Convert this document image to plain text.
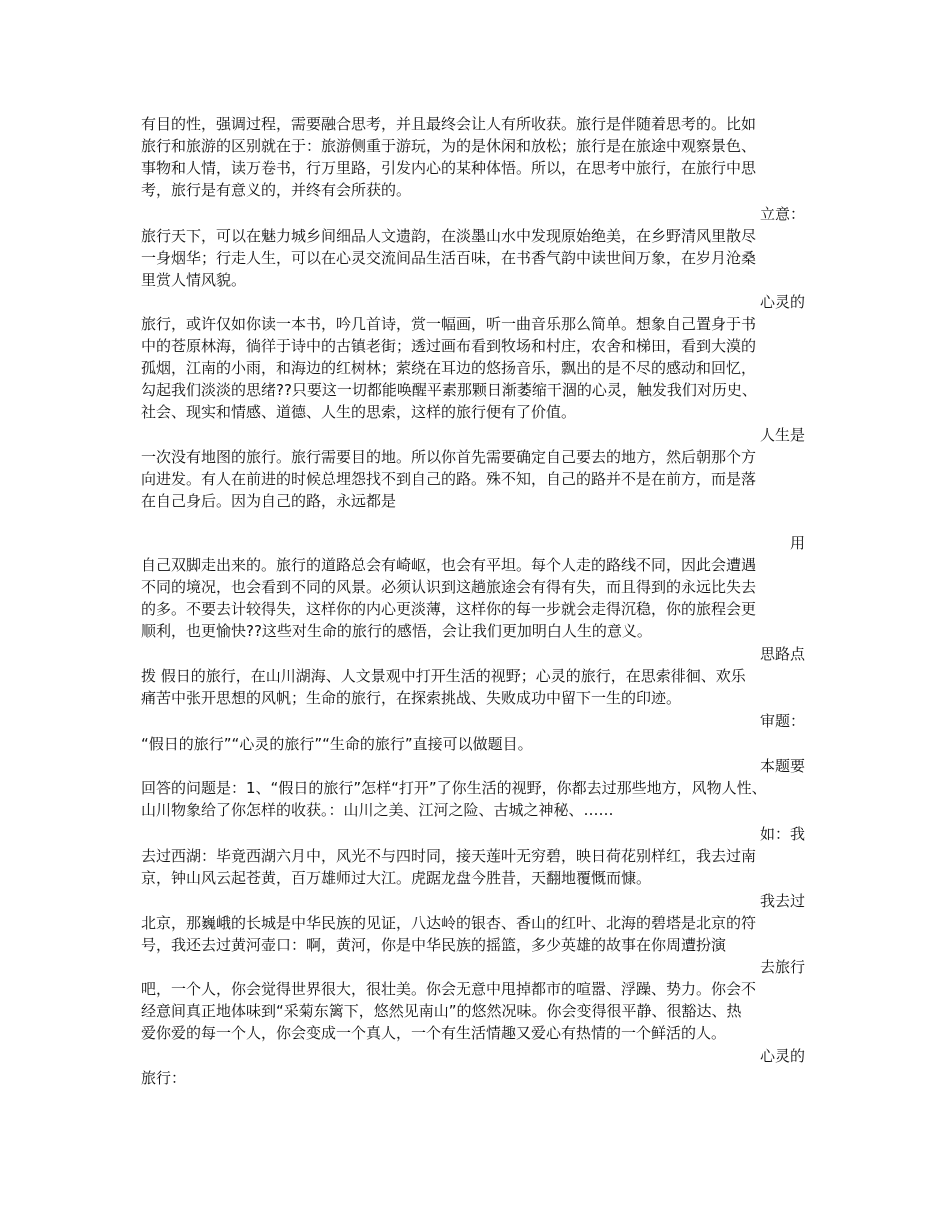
有目的性，强调过程，需要融合思考，并且最终会让人有所收获。旅行是伴随着思考的。比如
旅行和旅游的区别就在于：旅游侧重于游玩，为的是休闲和放松；旅行是在旅途中观察景色、
事物和人情，读万卷书，行万里路，引发内心的某种体悟。所以，在思考中旅行，在旅行中思
考，旅行是有意义的，并终有会所获的。
立意：
旅行天下，可以在魅力城乡间细品人文遗韵，在淡墨山水中发现原始绝美，在乡野清风里散尽
一身烟华；行走人生，可以在心灵交流间品生活百味，在书香气韵中读世间万象，在岁月沧桑
里赏人情风貌。
心灵的
旅行，或许仅如你读一本书，吟几首诗，赏一幅画，听一曲音乐那么简单。想象自己置身于书
中的苍原林海，徜徉于诗中的古镇老街；透过画布看到牧场和村庄，农舍和梯田，看到大漠的
孤烟，江南的小雨，和海边的红树林；萦绕在耳边的悠扬音乐，飘出的是不尽的感动和回忆，
勾起我们淡淡的思绪??只要这一切都能唤醒平素那颗日渐萎缩干涸的心灵，触发我们对历史、
社会、现实和情感、道德、人生的思索，这样的旅行便有了价值。
人生是
一次没有地图的旅行。旅行需要目的地。所以你首先需要确定自己要去的地方，然后朝那个方
向进发。有人在前进的时候总埋怨找不到自己的路。殊不知，自己的路并不是在前方，而是落
在自己身后。因为自己的路，永远都是
用
自己双脚走出来的。旅行的道路总会有崎岖，也会有平坦。每个人走的路线不同，因此会遭遇
不同的境况，也会看到不同的风景。必须认识到这趟旅途会有得有失，而且得到的永远比失去
的多。不要去计较得失，这样你的内心更淡薄，这样你的每一步就会走得沉稳，你的旅程会更
顺利，也更愉快??这些对生命的旅行的感悟，会让我们更加明白人生的意义。
思路点
拨 假日的旅行，在山川湖海、人文景观中打开生活的视野；心灵的旅行，在思索徘徊、欢乐
痛苦中张开思想的风帆；生命的旅行，在探索挑战、失败成功中留下一生的印迹。
审题：
“假日的旅行”“心灵的旅行”“生命的旅行”直接可以做题目。
本题要
回答的问题是：1、“假日的旅行”怎样“打开”了你生活的视野，你都去过那些地方，风物人性、
山川物象给了你怎样的收获。：山川之美、江河之险、古城之神秘、……
如：我
去过西湖：毕竟西湖六月中，风光不与四时同，接天莲叶无穷碧，映日荷花别样红，我去过南
京，钟山风云起苍黄，百万雄师过大江。虎踞龙盘今胜昔，天翻地覆慨而慷。
我去过
北京，那巍峨的长城是中华民族的见证，八达岭的银杏、香山的红叶、北海的碧塔是北京的符
号，我还去过黄河壶口：啊，黄河，你是中华民族的摇篮，多少英雄的故事在你周遭扮演
去旅行
吧，一个人，你会觉得世界很大，很壮美。你会无意中甩掉都市的喧嚣、浮躁、势力。你会不
经意间真正地体味到“采菊东篱下，悠然见南山”的悠然况味。你会变得很平静、很豁达、热
爱你爱的每一个人，你会变成一个真人，一个有生活情趣又爱心有热情的一个鲜活的人。
心灵的
旅行：
